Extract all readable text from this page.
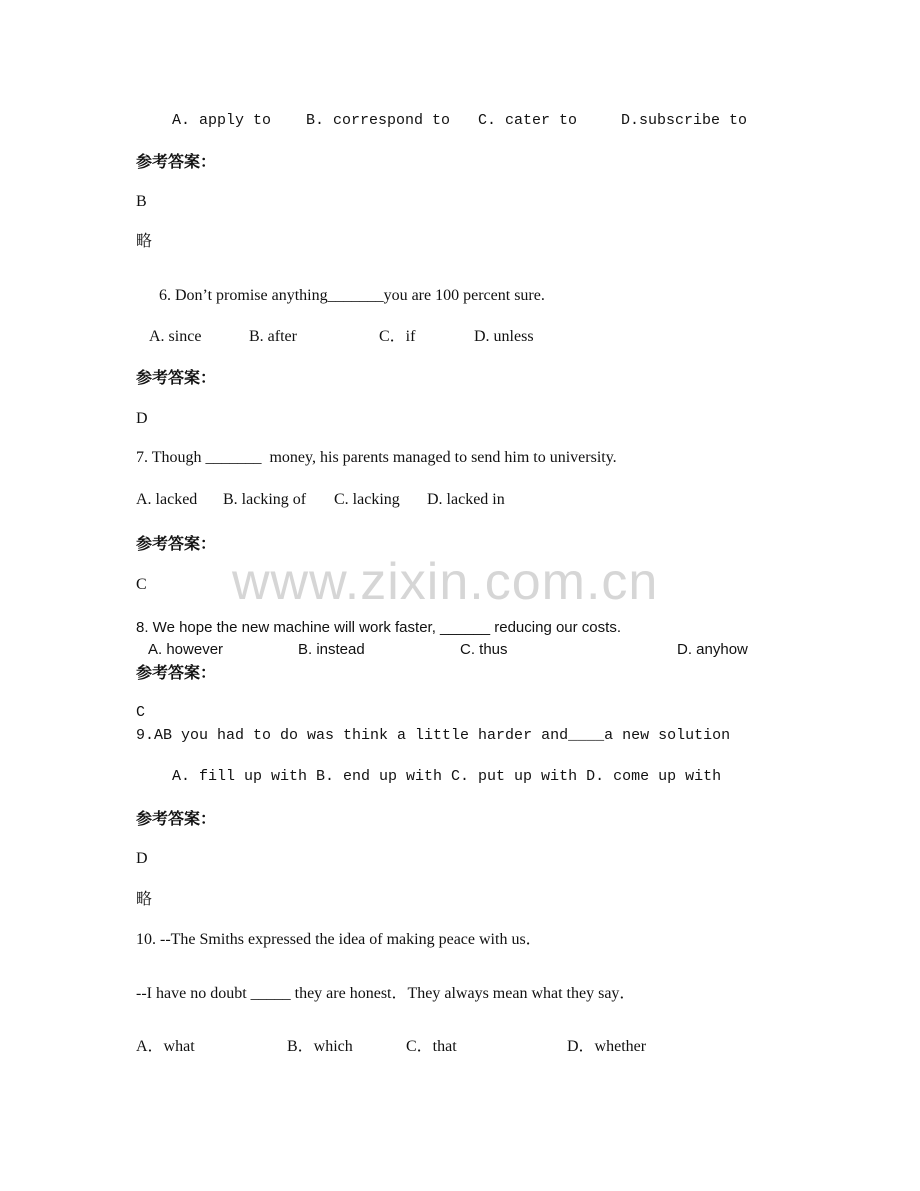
www.zixin.com.cn
A. apply to B. correspond to C. cater to	D.subscribe to
参考答案：
B
略
6. Don’t promise anything_______you are 100 percent sure.
A. since	B. after	C．if	D. unless
参考答案：
D
7. Though _______  money, his parents managed to send him to university.
A. lacked B. lacking of C. lacking D. lacked in
参考答案：
C
8. We hope the new machine will work faster, ______ reducing our costs.
A. however	B. instead	C. thus	D. anyhow
参考答案：
C
9.AB you had to do was think a little harder and____a new solution
A. fill up with B. end up with C. put up with D. come up with
参考答案：
D
略
10. --The Smiths expressed the idea of making peace with us．
--I have no doubt _____ they are honest．They always mean what they say．
A．what	B．which	C．that	D．whether
